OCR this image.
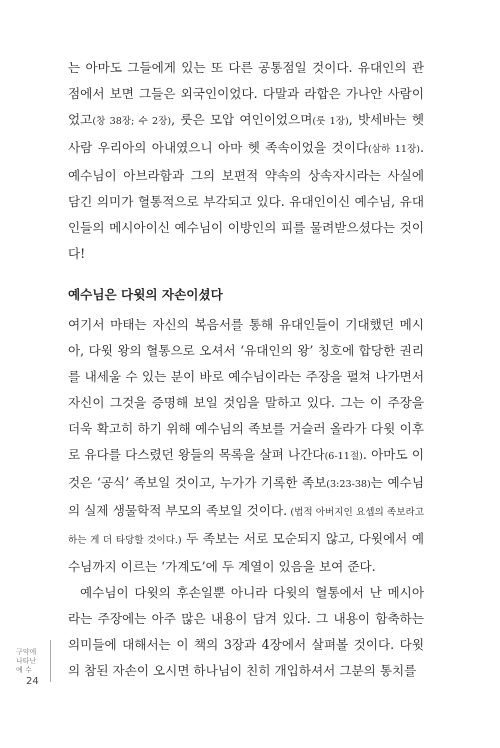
는 아마도 그들에게 있는 또 다른 공통점일 것이다. 유대인의 관점에서 보면 그들은 외국인이었다. 다말과 라합은 가나안 사람이었고(창 38장; 수 2장), 룻은 모압 여인이었으며(룻 1장), 밧세바는 헷 사람 우리아의 아내였으니 아마 헷 족속이었을 것이다(삼하 11장). 예수님이 아브라함과 그의 보편적 약속의 상속자시라는 사실에 담긴 의미가 혈통적으로 부각되고 있다. 유대인이신 예수님, 유대인들의 메시아이신 예수님이 이방인의 피를 물려받으셨다는 것이다!

예수님은 다윗의 자손이셨다

여기서 마태는 자신의 복음서를 통해 유대인들이 기대했던 메시아, 다윗 왕의 혈통으로 오셔서 ‘유대인의 왕’ 칭호에 합당한 권리를 내세울 수 있는 분이 바로 예수님이라는 주장을 펼쳐 나가면서 자신이 그것을 증명해 보일 것임을 말하고 있다. 그는 이 주장을 더욱 확고히 하기 위해 예수님의 족보를 거슬러 올라가 다윗 이후로 유다를 다스렸던 왕들의 목록을 살펴 나간다(6-11절). 아마도 이것은 ‘공식’ 족보일 것이고, 누가가 기록한 족보(3:23-38)는 예수님의 실제 생물학적 부모의 족보일 것이다. (법적 아버지인 요셉의 족보라고 하는 게 더 타당할 것이다.) 두 족보는 서로 모순되지 않고, 다윗에서 예수님까지 이르는 ‘가계도’에 두 계열이 있음을 보여 준다.

예수님이 다윗의 후손일뿐 아니라 다윗의 혈통에서 난 메시아라는 주장에는 아주 많은 내용이 담겨 있다. 그 내용이 함축하는 의미들에 대해서는 이 책의 3장과 4장에서 살펴볼 것이다. 다윗의 참된 자손이 오시면 하나님이 친히 개입하셔서 그분의 통치를

구약에
나타난
예 수
24
